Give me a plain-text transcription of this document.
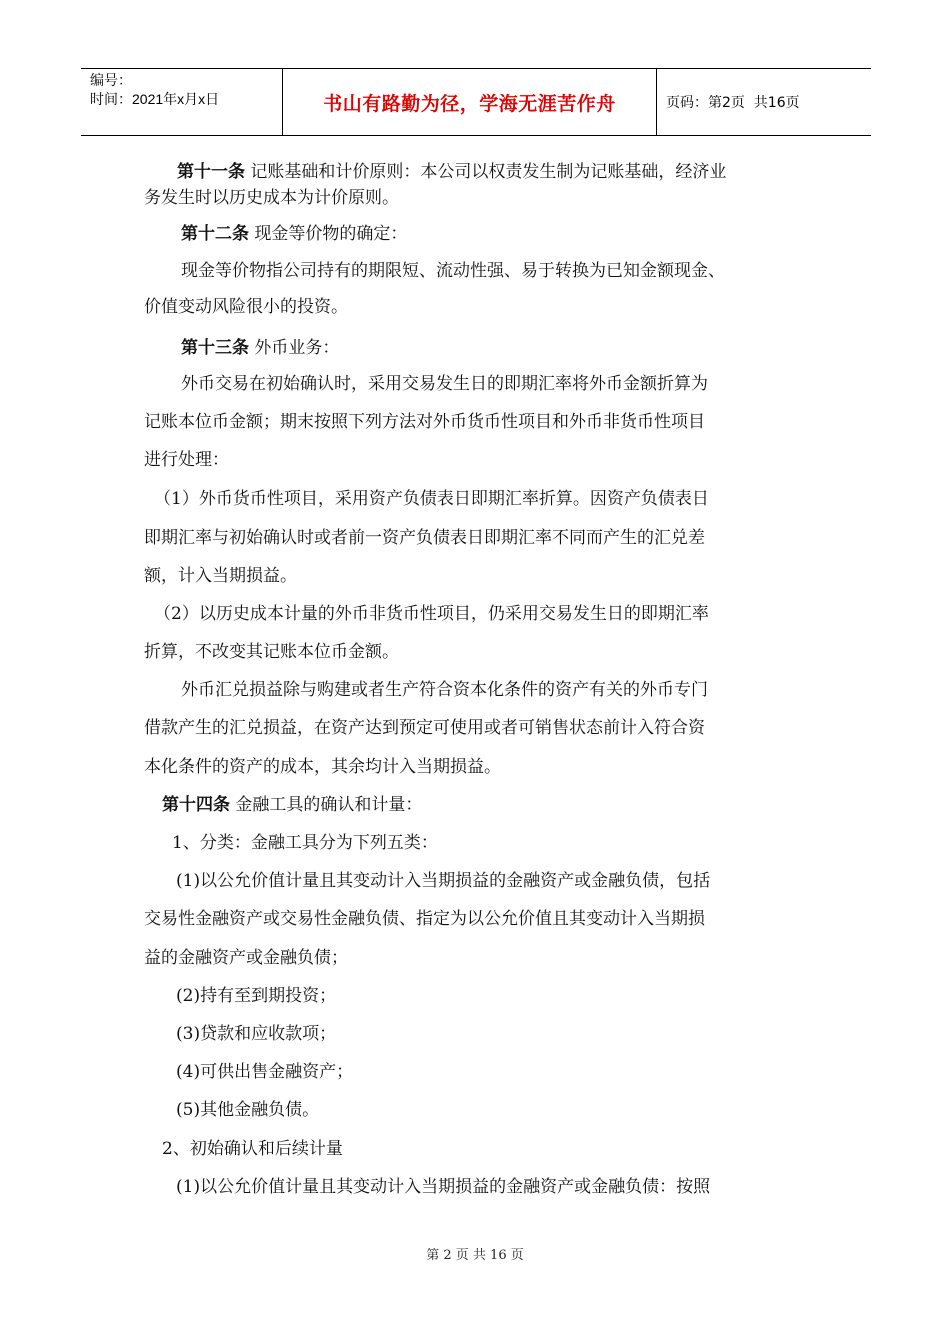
编号：
时间：2021年x月x日	书山有路勤为径，学海无涯苦作舟	页码：第2页  共16页
第十一条 记账基础和计价原则：本公司以权责发生制为记账基础，经济业
务发生时以历史成本为计价原则。
第十二条 现金等价物的确定：
现金等价物指公司持有的期限短、流动性强、易于转换为已知金额现金、
价值变动风险很小的投资。
第十三条 外币业务：
外币交易在初始确认时，采用交易发生日的即期汇率将外币金额折算为
记账本位币金额；期末按照下列方法对外币货币性项目和外币非货币性项目
进行处理：
（1）外币货币性项目，采用资产负债表日即期汇率折算。因资产负债表日
即期汇率与初始确认时或者前一资产负债表日即期汇率不同而产生的汇兑差
额，计入当期损益。
（2）以历史成本计量的外币非货币性项目，仍采用交易发生日的即期汇率
折算，不改变其记账本位币金额。
外币汇兑损益除与购建或者生产符合资本化条件的资产有关的外币专门
借款产生的汇兑损益，在资产达到预定可使用或者可销售状态前计入符合资
本化条件的资产的成本，其余均计入当期损益。
第十四条 金融工具的确认和计量：
1、分类：金融工具分为下列五类：
(1)以公允价值计量且其变动计入当期损益的金融资产或金融负债，包括
交易性金融资产或交易性金融负债、指定为以公允价值且其变动计入当期损
益的金融资产或金融负债；
(2)持有至到期投资；
(3)贷款和应收款项；
(4)可供出售金融资产；
(5)其他金融负债。
2、初始确认和后续计量
(1)以公允价值计量且其变动计入当期损益的金融资产或金融负债：按照
第 2 页 共 16 页
